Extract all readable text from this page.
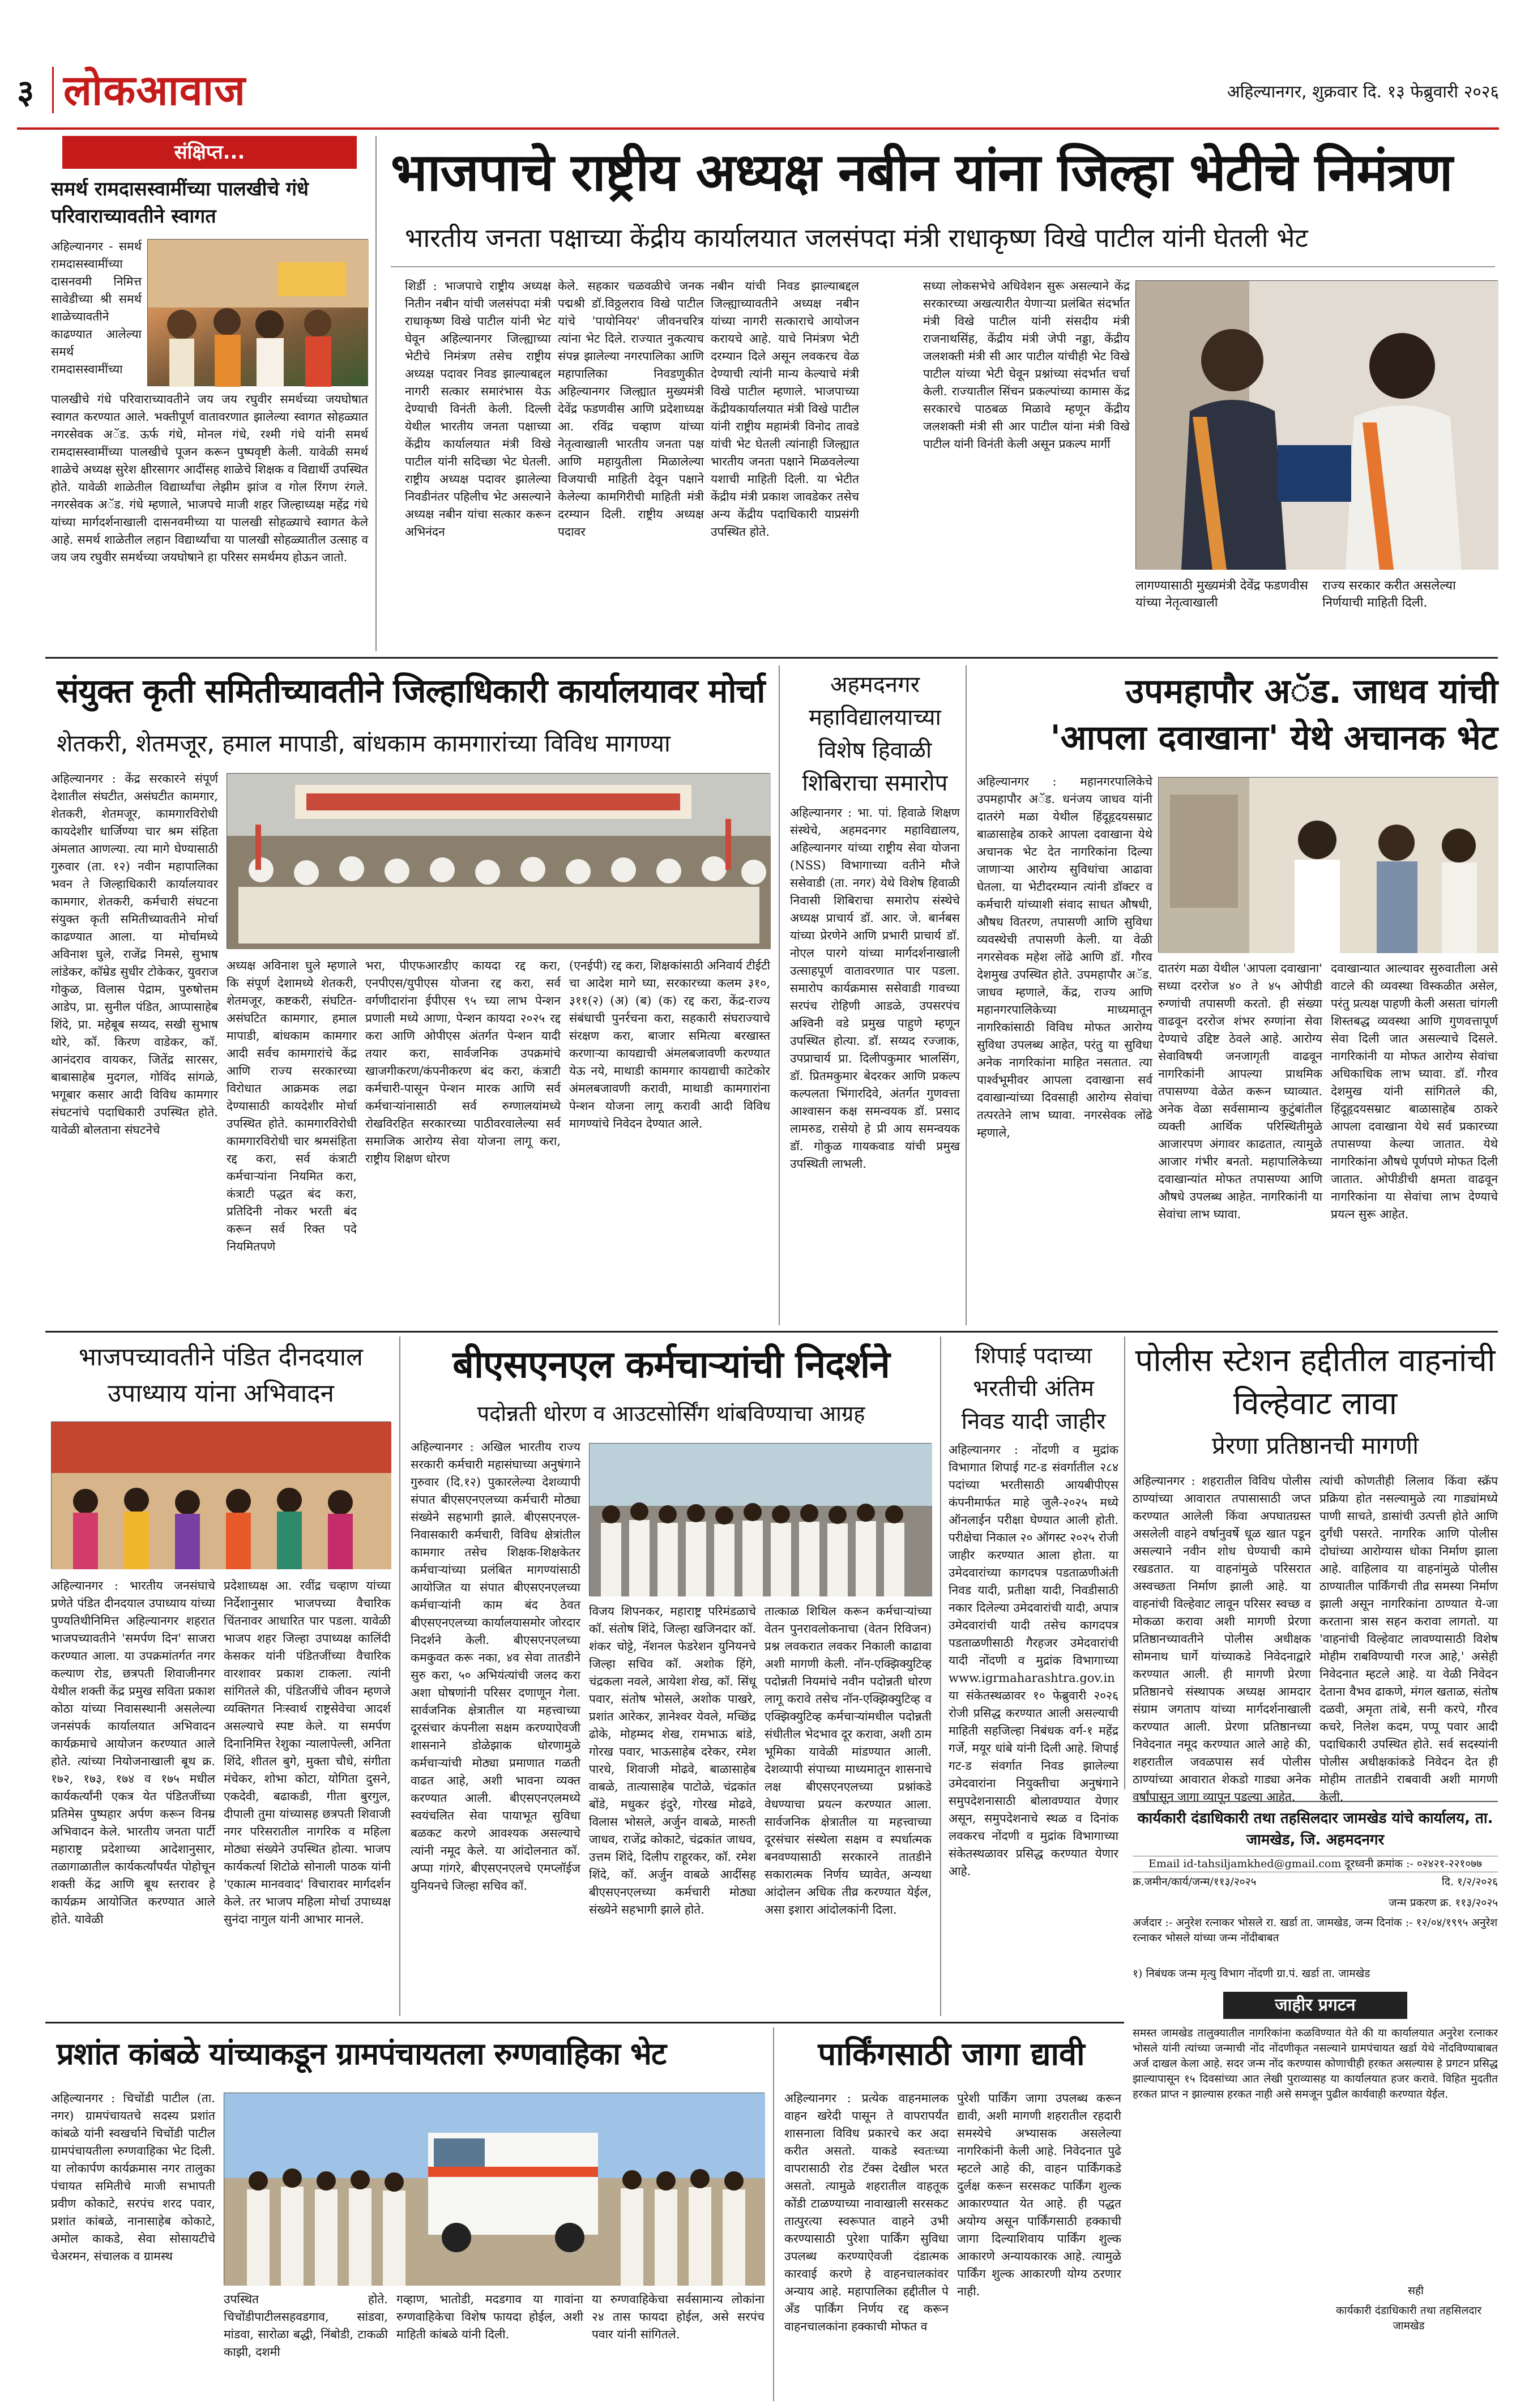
३ लोकआवाज	अहिल्यानगर, शुक्रवार दि. १३ फेब्रुवारी २०२६
संक्षिप्त...
समर्थ रामदासस्वामींच्या पालखीचे गंधे परिवाराच्यावतीने स्वागत
अहिल्यानगर - समर्थ रामदासस्वामींच्या दासनवमी निमित्त सावेडीच्या श्री समर्थ शाळेच्यावतीने काढण्यात आलेल्या समर्थ रामदासस्वामींच्या
पालखीचे गंधे परिवाराच्यावतीने जय जय रघुवीर समर्थच्या जयघोषात स्वागत करण्यात आले. भक्तीपूर्ण वातावरणात झालेल्या स्वागत सोहळ्यात नगरसेवक अॅड. ऊर्फ गंधे, मोनल गंधे, रश्मी गंधे यांनी समर्थ रामदासस्वामींच्या पालखीचे पूजन करून पुष्पवृष्टी केली. यावेळी समर्थ शाळेचे अध्यक्ष सुरेश क्षीरसागर आदींसह शाळेचे शिक्षक व विद्यार्थी उपस्थित होते. यावेळी शाळेतील विद्यार्थ्यांचा लेझीम झांज व गोल रिंगण रंगले. नगरसेवक अॅड. गंधे म्हणाले, भाजपचे माजी शहर जिल्हाध्यक्ष महेंद्र गंधे यांच्या मार्गदर्शनाखाली दासनवमीच्या या पालखी सोहळ्याचे स्वागत केले आहे. समर्थ शाळेतील लहान विद्यार्थ्यांचा या पालखी सोहळ्यातील उत्साह व जय जय रघुवीर समर्थच्या जयघोषाने हा परिसर समर्थमय होऊन जातो.
भाजपाचे राष्ट्रीय अध्यक्ष नबीन यांना जिल्हा भेटीचे निमंत्रण
भारतीय जनता पक्षाच्या केंद्रीय कार्यालयात जलसंपदा मंत्री राधाकृष्ण विखे पाटील यांनी घेतली भेट
शिर्डी : भाजपाचे राष्ट्रीय अध्यक्ष नितीन नबीन यांची जलसंपदा मंत्री राधाकृष्ण विखे पाटील यांनी भेट घेवून अहिल्यानगर जिल्ह्याच्या भेटीचे निमंत्रण तसेच राष्ट्रीय अध्यक्ष पदावर निवड झाल्याबद्दल नागरी सत्कार समारंभास येऊ देण्याची विनंती केली. दिल्ली येथील भारतीय जनता पक्षाच्या केंद्रीय कार्यालयात मंत्री विखे पाटील यांनी सदिच्छा भेट घेतली. राष्ट्रीय अध्यक्ष पदावर झालेल्या निवडीनंतर पहिलीच भेट असल्याने अध्यक्ष नबीन यांचा सत्कार करून अभिनंदन
केले. सहकार चळवळीचे जनक पद्मश्री डॉ.विठ्ठलराव विखे पाटील यांचे 'पायोनियर' जीवनचरित्र त्यांना भेट दिले. राज्यात नुकत्याच संपन्न झालेल्या नगरपालिका आणि महापालिका निवडणुकीत अहिल्यानगर जिल्ह्यात मुख्यमंत्री देवेंद्र फडणवीस आणि प्रदेशाध्यक्ष आ. रविंद्र चव्हाण यांच्या नेतृत्वाखाली भारतीय जनता पक्ष आणि महायुतीला मिळालेल्या विजयाची माहिती देवून पक्षाने केलेल्या कामगिरीची माहिती मंत्री दरम्यान दिली. राष्ट्रीय अध्यक्ष पदावर
नबीन यांची निवड झाल्याबद्दल जिल्ह्याच्यावतीने अध्यक्ष नबीन यांच्या नागरी सत्काराचे आयोजन करायचे आहे. याचे निमंत्रण भेटी दरम्यान दिले असून लवकरच वेळ देण्याची त्यांनी मान्य केल्याचे मंत्री विखे पाटील म्हणाले. भाजपाच्या केंद्रीयकार्यालयात मंत्री विखे पाटील यांनी राष्ट्रीय महामंत्री विनोद तावडे यांची भेट घेतली त्यांनाही जिल्ह्यात भारतीय जनता पक्षाने मिळवलेल्या यशाची माहिती दिली. या भेटीत केंद्रीय मंत्री प्रकाश जावडेकर तसेच अन्य केंद्रीय पदाधिकारी याप्रसंगी उपस्थित होते.
सध्या लोकसभेचे अधिवेशन सुरू असल्याने केंद्र सरकारच्या अखत्यारीत येणाऱ्या प्रलंबित संदर्भात मंत्री विखे पाटील यांनी संसदीय मंत्री राजनाथसिंह, केंद्रीय मंत्री जेपी नड्डा, केंद्रीय जलशक्ती मंत्री सी आर पाटील यांचीही भेट विखे पाटील यांच्या भेटी घेवून प्रश्नांच्या संदर्भात चर्चा केली. राज्यातील सिंचन प्रकल्पांच्या कामास केंद्र सरकारचे पाठबळ मिळावे म्हणून केंद्रीय जलशक्ती मंत्री सी आर पाटील यांना मंत्री विखे पाटील यांनी विनंती केली असून प्रकल्प मार्गी
लागण्यासाठी मुख्यमंत्री देवेंद्र फडणवीस यांच्या नेतृत्वाखाली
राज्य सरकार करीत असलेल्या निर्णयाची माहिती दिली.
संयुक्त कृती समितीच्यावतीने जिल्हाधिकारी कार्यालयावर मोर्चा
शेतकरी, शेतमजूर, हमाल मापाडी, बांधकाम कामगारांच्या विविध मागण्या
अहिल्यानगर : केंद्र सरकारने संपूर्ण देशातील संघटीत, असंघटीत कामगार, शेतकरी, शेतमजूर, कामगारविरोधी कायदेशीर धार्जिण्या चार श्रम संहिता अंमलात आणल्या. त्या मागे घेण्यासाठी गुरुवार (ता. १२) नवीन महापालिका भवन ते जिल्हाधिकारी कार्यालयावर कामगार, शेतकरी, कर्मचारी संघटना संयुक्त कृती समितीच्यावतीने मोर्चा काढण्यात आला. या मोर्चामध्ये अविनाश घुले, राजेंद्र निमसे, सुभाष लांडेकर, कॉम्रेड सुधीर टोकेकर, युवराज गोकुळ, विलास पेद्राम, पुरुषोत्तम आडेप, प्रा. सुनील पंडित, आप्पासाहेब शिंदे, प्रा. महेबूब सय्यद, सखी सुभाष थोरे, कॉ. किरण वाडेकर, कॉ. आनंदराव वायकर, जितेंद्र सारसर, बाबासाहेब मुदगल, गोविंद सांगळे, भगूबार कसार आदी विविध कामगार संघटनांचे पदाधिकारी उपस्थित होते. यावेळी बोलताना संघटनेचे
अध्यक्ष अविनाश घुले म्हणाले कि संपूर्ण देशामध्ये शेतकरी, शेतमजूर, कष्टकरी, संघटित-असंघटित कामगार, हमाल मापाडी, बांधकाम कामगार आदी सर्वच कामगारांचे केंद्र आणि राज्य सरकारच्या विरोधात आक्रमक लढा देण्यासाठी कायदेशीर मोर्चा उपस्थित होते. कामगारविरोधी कामगारविरोधी चार श्रमसंहिता रद्द करा, सर्व कंत्राटी कर्मचाऱ्यांना नियमित करा, कंत्राटी पद्धत बंद करा, प्रतिदिनी नोकर भरती बंद करून सर्व रिक्त पदे नियमितपणे
भरा, पीएफआरडीए कायदा रद्द करा, एनपीएस/युपीएस योजना रद्द करा, सर्व वर्गणीदारांना ईपीएस ९५ च्या लाभ पेन्शन प्रणाली मध्ये आणा, पेन्शन कायदा २०२५ रद्द करा आणि ओपीएस अंतर्गत पेन्शन यादी तयार करा, सार्वजनिक उपक्रमांचे खाजगीकरण/कंपनीकरण बंद करा, कंत्राटी कर्मचारी-पासून पेन्शन मारक आणि सर्व कर्मचाऱ्यांनासाठी सर्व रुग्णालयांमध्ये रोखविरहित सरकारच्या पाठीवरवालेल्या सर्व समाजिक आरोग्य सेवा योजना लागू करा, राष्ट्रीय शिक्षण धोरण
(एनईपी) रद्द करा, शिक्षकांसाठी अनिवार्य टीईटी चा आदेश मागे घ्या, सरकारच्या कलम ३१०, ३११(२) (अ) (ब) (क) रद्द करा, केंद्र-राज्य संबंधाची पुनर्रचना करा, सहकारी संघराज्याचे संरक्षण करा, बाजार समित्या बरखास्त करणाऱ्या कायद्याची अंमलबजावणी करण्यात येऊ नये, माथाडी कामगार कायद्याची काटेकोर अंमलबजावणी करावी, माथाडी कामगारांना पेन्शन योजना लागू करावी आदी विविध मागण्यांचे निवेदन देण्यात आले.
अहमदनगर महाविद्यालयाच्या विशेष हिवाळी शिबिराचा समारोप
अहिल्यानगर : भा. पां. हिवाळे शिक्षण संस्थेचे, अहमदनगर महाविद्यालय, अहिल्यानगर यांच्या राष्ट्रीय सेवा योजना (NSS) विभागाच्या वतीने मौजे ससेवाडी (ता. नगर) येथे विशेष हिवाळी निवासी शिबिराचा समारोप संस्थेचे अध्यक्ष प्राचार्य डॉ. आर. जे. बार्नबस यांच्या प्रेरणेने आणि प्रभारी प्राचार्य डॉ. नोएल पारगे यांच्या मार्गदर्शनाखाली उत्साहपूर्ण वातावरणात पार पडला. समारोप कार्यक्रमास ससेवाडी गावच्या सरपंच रोहिणी आडळे, उपसरपंच अश्विनी वडे प्रमुख पाहुणे म्हणून उपस्थित होत्या. डॉ. सय्यद रज्जाक, उपप्राचार्य प्रा. दिलीपकुमार भालसिंग, डॉ. प्रितमकुमार बेदरकर आणि प्रकल्प कल्पलता भिंगारदिवे, अंतर्गत गुणवत्ता आश्वासन कक्ष समन्वयक डॉ. प्रसाद लामरुड, रासेयो हे प्री आय समन्वयक डॉ. गोकुळ गायकवाड यांची प्रमुख उपस्थिती लाभली.
उपमहापौर अॅड. जाधव यांची
'आपला दवाखाना' येथे अचानक भेट
अहिल्यानगर : महानगरपालिकेचे उपमहापौर अॅड. धनंजय जाधव यांनी दातरंगे मळा येथील हिंदूहृदयसम्राट बाळासाहेब ठाकरे आपला दवाखाना येथे अचानक भेट देत नागरिकांना दिल्या जाणाऱ्या आरोग्य सुविधांचा आढावा घेतला. या भेटीदरम्यान त्यांनी डॉक्टर व कर्मचारी यांच्याशी संवाद साधत औषधी, औषध वितरण, तपासणी आणि सुविधा व्यवस्थेची तपासणी केली. या वेळी नगरसेवक महेश लोंढे आणि डॉ. गौरव देशमुख उपस्थित होते. उपमहापौर अॅड. जाधव म्हणाले, केंद्र, राज्य आणि महानगरपालिकेच्या माध्यमातून नागरिकांसाठी विविध मोफत आरोग्य सुविधा उपलब्ध आहेत, परंतु या सुविधा अनेक नागरिकांना माहित नसतात. त्या पार्श्वभूमीवर आपला दवाखाना सर्व दवाखान्यांच्या दिवसाही आरोग्य सेवांचा तत्परतेने लाभ घ्यावा. नगरसेवक लोंढे म्हणाले,
दातरंग मळा येथील 'आपला दवाखाना' सध्या दररोज ४० ते ४५ ओपीडी रुग्णांची तपासणी करतो. ही संख्या वाढवून दररोज शंभर रुग्णांना सेवा देण्याचे उद्दिष्ट ठेवले आहे. आरोग्य सेवाविषयी जनजागृती वाढवून नागरिकांनी आपल्या प्राथमिक तपासण्या वेळेत करून घ्याव्यात. अनेक वेळा सर्वसामान्य कुटुंबांतील व्यक्ती आर्थिक परिस्थितीमुळे आजारपण अंगावर काढतात, त्यामुळे आजार गंभीर बनतो. महापालिकेच्या दवाखान्यांत मोफत तपासण्या आणि औषधे उपलब्ध आहेत. नागरिकांनी या सेवांचा लाभ घ्यावा.
दवाखान्यात आल्यावर सुरुवातीला असे वाटले की व्यवस्था विस्कळीत असेल, परंतु प्रत्यक्ष पाहणी केली असता चांगली शिस्तबद्ध व्यवस्था आणि गुणवत्तापूर्ण सेवा दिली जात असल्याचे दिसले. नागरिकांनी या मोफत आरोग्य सेवांचा अधिकाधिक लाभ घ्यावा. डॉ. गौरव देशमुख यांनी सांगितले की, हिंदूहृदयसम्राट बाळासाहेब ठाकरे आपला दवाखाना येथे सर्व प्रकारच्या तपासण्या केल्या जातात. येथे नागरिकांना औषधे पूर्णपणे मोफत दिली जातात. ओपीडीची क्षमता वाढवून नागरिकांना या सेवांचा लाभ देण्याचे प्रयत्न सुरू आहेत.
भाजपच्यावतीने पंडित दीनदयाल उपाध्याय यांना अभिवादन
अहिल्यानगर : भारतीय जनसंघाचे प्रणेते पंडित दीनदयाल उपाध्याय यांच्या पुण्यतिथीनिमित्त अहिल्यानगर शहरात भाजपच्यावतीने 'समर्पण दिन' साजरा करण्यात आला. या उपक्रमांतर्गत नगर कल्याण रोड, छत्रपती शिवाजीनगर येथील शक्ती केंद्र प्रमुख सविता प्रकाश कोठा यांच्या निवासस्थानी असलेल्या जनसंपर्क कार्यालयात अभिवादन कार्यक्रमाचे आयोजन करण्यात आले होते. त्यांच्या नियोजनाखाली बूथ क्र. १७२, १७३, १७४ व १७५ मधील कार्यकर्त्यांनी एकत्र येत पंडितजींच्या प्रतिमेस पुष्पहार अर्पण करून विनम्र अभिवादन केले. भारतीय जनता पार्टी महाराष्ट्र प्रदेशाच्या आदेशानुसार, तळागाळातील कार्यकर्त्यांपर्यंत पोहोचून शक्ती केंद्र आणि बूथ स्तरावर हे कार्यक्रम आयोजित करण्यात आले होते. यावेळी
प्रदेशाध्यक्ष आ. रवींद्र चव्हाण यांच्या निर्देशानुसार भाजपच्या वैचारिक चिंतनावर आधारित पार पडला. यावेळी भाजप शहर जिल्हा उपाध्यक्ष कालिंदी केसकर यांनी पंडितजींच्या वैचारिक वारशावर प्रकाश टाकला. त्यांनी सांगितले की, पंडितजींचे जीवन म्हणजे व्यक्तिगत निःस्वार्थ राष्ट्रसेवेचा आदर्श असल्याचे स्पष्ट केले. या समर्पण दिनानिमित्त रेशुका न्यालापेल्ली, अनिता शिंदे, शीतल बुगे, मुक्ता चौधे, संगीता मंचेकर, शोभा कोटा, योगिता दुसने, एकदेवी, बढाकडी, गीता बुरगुल, दीपाली तुमा यांच्यासह छत्रपती शिवाजी नगर परिसरातील नागरिक व महिला मोठ्या संख्येने उपस्थित होत्या. भाजप कार्यकर्त्या शिटोळे सोनाली पाठक यांनी 'एकात्म मानववाद' विचारावर मार्गदर्शन केले. तर भाजप महिला मोर्चा उपाध्यक्ष सुनंदा नागुल यांनी आभार मानले.
बीएसएनएल कर्मचाऱ्यांची निदर्शने
पदोन्नती धोरण व आउटसोर्सिंग थांबविण्याचा आग्रह
अहिल्यानगर : अखिल भारतीय राज्य सरकारी कर्मचारी महासंघाच्या अनुषंगाने गुरुवार (दि.१२) पुकारलेल्या देशव्यापी संपात बीएसएनएलच्या कर्मचारी मोठ्या संख्येने सहभागी झाले. बीएसएनएल-निवासकारी कर्मचारी, विविध क्षेत्रांतील कामगार तसेच शिक्षक-शिक्षकेतर कर्मचाऱ्यांच्या प्रलंबित मागण्यांसाठी आयोजित या संपात बीएसएनएलच्या कर्मचाऱ्यांनी काम बंद ठेवत बीएसएनएलच्या कार्यालयासमोर जोरदार निदर्शने केली. बीएसएनएलच्या कमकुवत करू नका, ४व सेवा तातडीने सुरु करा, ५० अभियंत्यांची जलद करा अशा घोषणांनी परिसर दणाणून गेला. सार्वजनिक क्षेत्रातील या महत्त्वाच्या दूरसंचार कंपनीला सक्षम करण्याऐवजी शासनाने डोळेझाक धोरणामुळे कर्मचाऱ्यांची मोठ्या प्रमाणात गळती वाढत आहे, अशी भावना व्यक्त करण्यात आली. बीएसएनएलमध्ये स्वयंचलित सेवा पायाभूत सुविधा बळकट करणे आवश्यक असल्याचे त्यांनी नमूद केले. या आंदोलनात कॉ. अप्पा गांगरे, बीएसएनएलचे एमप्लॉईज युनियनचे जिल्हा सचिव कॉ.
विजय शिपनकर, महाराष्ट्र परिमंडळाचे कॉ. संतोष शिंदे, जिल्हा खजिनदार कॉ. शंकर चोट्टे, नॅशनल फेडरेशन युनियनचे जिल्हा सचिव कॉ. अशोक हिंगे, चंद्रकला नवले, आयेशा शेख, कॉ. सिंधू पवार, संतोष भोसले, अशोक पाखरे, प्रशांत आरेकर, ज्ञानेश्वर येवले, मच्छिंद्र ढोके, मोहम्मद शेख, रामभाऊ बांडे, गोरख पवार, भाऊसाहेब दरेकर, रमेश पारधे, शिवाजी मोढवे, बाळासाहेब वाबळे, तात्यासाहेब पाटोळे, चंद्रकांत बोंडे, मधुकर इंदुरे, गोरख मोढवे, विलास भोसले, अर्जुन वाबळे, मारुती जाधव, राजेंद्र कोकाटे, चंद्रकांत जाधव, उत्तम शिंदे, दिलीप राहूरकर, कॉ. रमेश शिंदे, कॉ. अर्जुन वाबळे आदींसह बीएसएनएलच्या कर्मचारी मोठ्या संख्येने सहभागी झाले होते.
तात्काळ शिथिल करून कर्मचाऱ्यांच्या वेतन पुनरावलोकनाचा (वेतन रिविजन) प्रश्न लवकरात लवकर निकाली काढावा अशी मागणी केली. नॉन-एक्झिक्युटिव्ह पदोन्नती नियमांचे नवीन पदोन्नती धोरण लागू करावे तसेच नॉन-एक्झिक्युटिव्ह व एक्झिक्युटिव्ह कर्मचाऱ्यांमधील पदोन्नती संधीतील भेदभाव दूर करावा, अशी ठाम भूमिका यावेळी मांडण्यात आली. देशव्यापी संपाच्या माध्यमातून शासनाचे लक्ष बीएसएनएलच्या प्रश्नांकडे वेधण्याचा प्रयत्न करण्यात आला. सार्वजनिक क्षेत्रातील या महत्त्वाच्या दूरसंचार संस्थेला सक्षम व स्पर्धात्मक बनवण्यासाठी सरकारने तातडीने सकारात्मक निर्णय घ्यावेत, अन्यथा आंदोलन अधिक तीव्र करण्यात येईल, असा इशारा आंदोलकांनी दिला.
शिपाई पदाच्या भरतीची अंतिम निवड यादी जाहीर
अहिल्यानगर : नोंदणी व मुद्रांक विभागात शिपाई गट-ड संवर्गातील २८४ पदांच्या भरतीसाठी आयबीपीएस कंपनीमार्फत माहे जुलै-२०२५ मध्ये ऑनलाईन परीक्षा घेण्यात आली होती. परीक्षेचा निकाल २० ऑगस्ट २०२५ रोजी जाहीर करण्यात आला होता. या उमेदवारांच्या कागदपत्र पडताळणीअंती निवड यादी, प्रतीक्षा यादी, निवडीसाठी नकार दिलेल्या उमेदवारांची यादी, अपात्र उमेदवारांची यादी तसेच कागदपत्र पडताळणीसाठी गैरहजर उमेदवारांची यादी नोंदणी व मुद्रांक विभागाच्या www.igrmaharashtra.gov.in या संकेतस्थळावर १० फेब्रुवारी २०२६ रोजी प्रसिद्ध करण्यात आली असल्याची माहिती सहजिल्हा निबंधक वर्ग-१ महेंद्र गर्जे, मयूर धांबे यांनी दिली आहे. शिपाई गट-ड संवर्गात निवड झालेल्या उमेदवारांना नियुक्तीचा अनुषंगाने समुपदेशनासाठी बोलावण्यात येणार असून, समुपदेशनाचे स्थळ व दिनांक लवकरच नोंदणी व मुद्रांक विभागाच्या संकेतस्थळावर प्रसिद्ध करण्यात येणार आहे.
पोलीस स्टेशन हद्दीतील वाहनांची विल्हेवाट लावा
प्रेरणा प्रतिष्ठानची मागणी
अहिल्यानगर : शहरातील विविध पोलीस ठाण्यांच्या आवारात तपासासाठी जप्त करण्यात आलेली किंवा अपघातग्रस्त असलेली वाहने वर्षानुवर्षे धूळ खात पडून असल्याने नवीन शोध घेण्याची कामे रखडतात. या वाहनांमुळे परिसरात अस्वच्छता निर्माण झाली आहे. या वाहनांची विल्हेवाट लावून परिसर स्वच्छ व मोकळा करावा अशी मागणी प्रेरणा प्रतिष्ठानच्यावतीने पोलीस अधीक्षक सोमनाथ घार्गे यांच्याकडे निवेदनाद्वारे करण्यात आली. ही मागणी प्रेरणा प्रतिष्ठानचे संस्थापक अध्यक्ष आमदार संग्राम जगताप यांच्या मार्गदर्शनाखाली करण्यात आली. प्रेरणा प्रतिष्ठानच्या निवेदनात नमूद करण्यात आले आहे की, शहरातील जवळपास सर्व पोलीस ठाण्यांच्या आवारात शेकडो गाड्या अनेक वर्षांपासून जागा व्यापून पडल्या आहेत.
त्यांची कोणतीही लिलाव किंवा स्क्रॅप प्रक्रिया होत नसल्यामुळे त्या गाड्यांमध्ये पाणी साचते, डासांची उत्पत्ती होते आणि दुर्गंधी पसरते. नागरिक आणि पोलीस दोघांच्या आरोग्यास धोका निर्माण झाला आहे. वाहिलाव या वाहनांमुळे पोलीस ठाण्यातील पार्किंगची तीव्र समस्या निर्माण झाली असून नागरिकांना ठाण्यात ये-जा करताना त्रास सहन करावा लागतो. या 'वाहनांची विल्हेवाट लावण्यासाठी विशेष मोहीम राबविण्याची गरज आहे,' असेही निवेदनात म्हटले आहे. या वेळी निवेदन देताना वैभव ढाकणे, मंगल खताळ, संतोष दळवी, अमृता तांबे, सनी करपे, गौरव कचरे, निलेश कदम, पप्पू पवार आदी पदाधिकारी उपस्थित होते. सर्व सदस्यांनी पोलीस अधीक्षकांकडे निवेदन देत ही मोहीम तातडीने राबवावी अशी मागणी केली.
कार्यकारी दंडाधिकारी तथा तहसिलदार जामखेड यांचे कार्यालय, ता. जामखेड, जि. अहमदनगर
Email id-tahsiljamkhed@gmail.com दूरध्वनी क्रमांक :- ०२४२१-२२१०७७
क्र.जमीन/कार्य/जन्म/११३/२०२५	दि. १/२/२०२६
जन्म प्रकरण क्र. ११३/२०२५
अर्जदार :- अनुरेश रत्नाकर भोसले रा. खर्डा ता. जामखेड, जन्म दिनांक :- १२/०४/१९९५ अनुरेश रत्नाकर भोसले यांच्या जन्म नोंदीबाबत
१) निबंधक जन्म मृत्यु विभाग नोंदणी ग्रा.पं. खर्डा ता. जामखेड
जाहीर प्रगटन
समस्त जामखेड तालुक्यातील नागरिकांना कळविण्यात येते की या कार्यालयात अनुरेश रत्नाकर भोसले यांनी त्यांच्या जन्माची नोंद नोंदणीकृत नसल्याने ग्रामपंचायत खर्डा येथे नोंदविण्याबाबत अर्ज दाखल केला आहे. सदर जन्म नोंद करण्यास कोणाचीही हरकत असल्यास हे प्रगटन प्रसिद्ध झाल्यापासून १५ दिवसांच्या आत लेखी पुराव्यासह या कार्यालयात हजर करावे. विहित मुदतीत हरकत प्राप्त न झाल्यास हरकत नाही असे समजून पुढील कार्यवाही करण्यात येईल.
सही
कार्यकारी दंडाधिकारी तथा तहसिलदार जामखेड
प्रशांत कांबळे यांच्याकडून ग्रामपंचायतला रुग्णवाहिका भेट
अहिल्यानगर : चिचोंडी पाटील (ता. नगर) ग्रामपंचायतचे सदस्य प्रशांत कांबळे यांनी स्वखर्चाने चिचोंडी पाटील ग्रामपंचायतीला रुग्णवाहिका भेट दिली. या लोकार्पण कार्यक्रमास नगर तालुका पंचायत समितीचे माजी सभापती प्रवीण कोकाटे, सरपंच शरद पवार, प्रशांत कांबळे, नानासाहेब कोकाटे, अमोल काकडे, सेवा सोसायटीचे चेअरमन, संचालक व ग्रामस्थ
उपस्थित होते. चिचोंडीपाटीलसहवडगाव, सांडवा, मांडवा, सारोळा बद्धी, निंबोडी, टाकळी काझी, दशमी
गव्हाण, भातोडी, मदडगाव या गावांना रुग्णवाहिकेचा विशेष फायदा होईल, अशी माहिती कांबळे यांनी दिली.
या रुग्णवाहिकेचा सर्वसामान्य लोकांना २४ तास फायदा होईल, असे सरपंच पवार यांनी सांगितले.
पार्किंगसाठी जागा द्यावी
अहिल्यानगर : प्रत्येक वाहनमालक वाहन खरेदी पासून ते वापरापर्यंत शासनाला विविध प्रकारचे कर अदा करीत असतो. याकडे स्वतःच्या वापरासाठी रोड टॅक्स देखील भरत असतो. त्यामुळे शहरातील वाहतूक कोंडी टाळण्याच्या नावाखाली सरसकट तात्पुरत्या स्वरूपात वाहने उभी करण्यासाठी पुरेशा पार्किंग सुविधा उपलब्ध करण्याऐवजी दंडात्मक कारवाई करणे हे वाहनचालकांवर अन्याय आहे. महापालिका हद्दीतील पे अँड पार्किंग निर्णय रद्द करून वाहनचालकांना हक्काची मोफत व
पुरेशी पार्किंग जागा उपलब्ध करून द्यावी, अशी मागणी शहरातील रहदारी समस्येचे अभ्यासक असलेल्या नागरिकांनी केली आहे. निवेदनात पुढे म्हटले आहे की, वाहन पार्किंगकडे दुर्लक्ष करून सरसकट पार्किंग शुल्क आकारण्यात येत आहे. ही पद्धत अयोग्य असून पार्किंगसाठी हक्काची जागा दिल्याशिवाय पार्किंग शुल्क आकारणे अन्यायकारक आहे. त्यामुळे पार्किंग शुल्क आकारणी योग्य ठरणार नाही.
